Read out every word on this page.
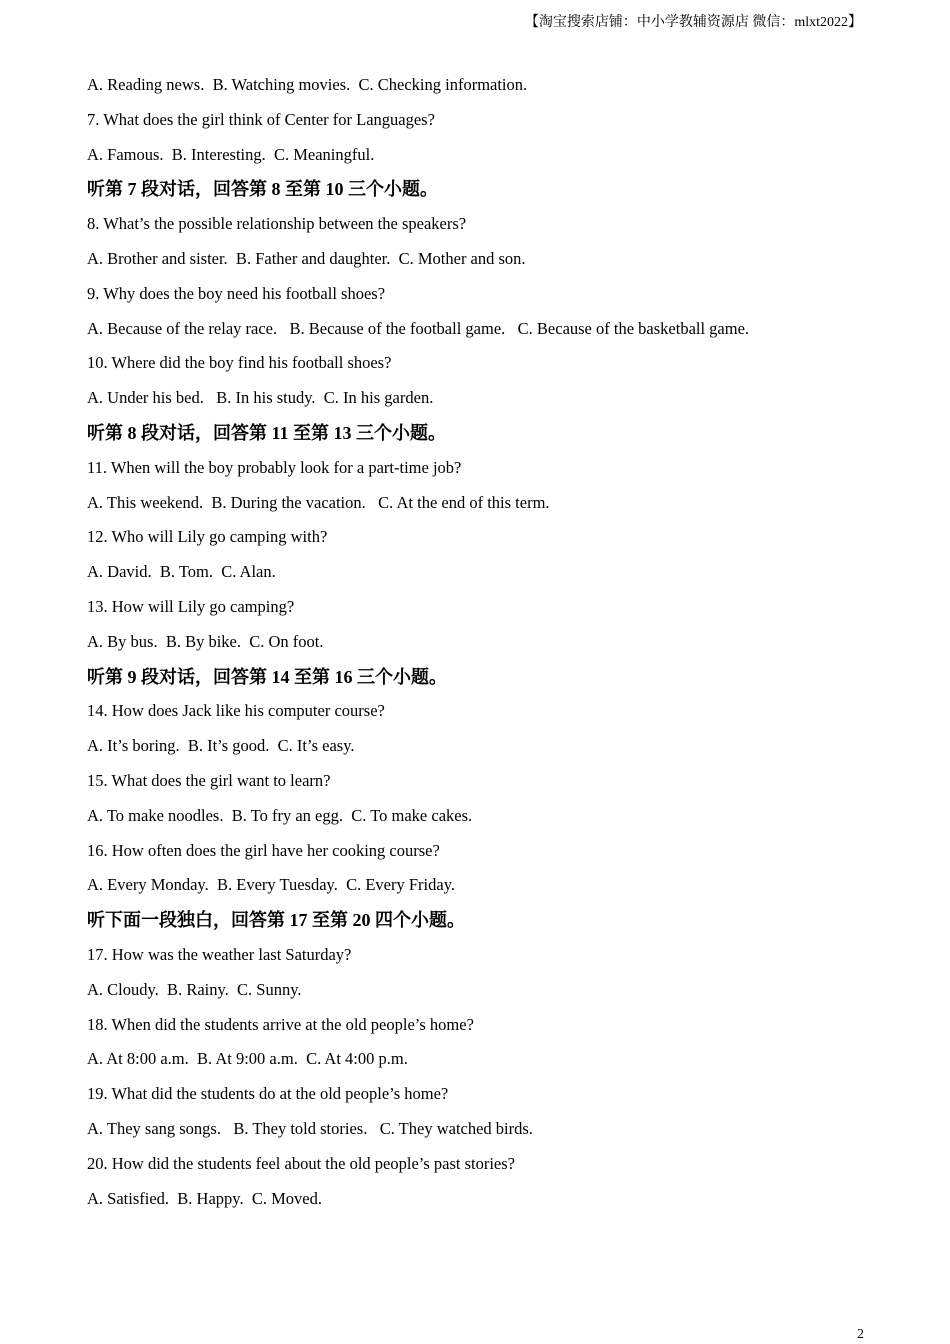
【淘宝搜索店铺：中小学教辅资源店 微信：mlxt2022】
A. Reading news.  B. Watching movies.  C. Checking information.
7. What does the girl think of Center for Languages?
A. Famous.  B. Interesting.  C. Meaningful.
听第 7 段对话，回答第 8 至第 10 三个小题。
8. What’s the possible relationship between the speakers?
A. Brother and sister.  B. Father and daughter.  C. Mother and son.
9. Why does the boy need his football shoes?
A. Because of the relay race.   B. Because of the football game.   C. Because of the basketball game.
10. Where did the boy find his football shoes?
A. Under his bed.   B. In his study.  C. In his garden.
听第 8 段对话，回答第 11 至第 13 三个小题。
11. When will the boy probably look for a part-time job?
A. This weekend.  B. During the vacation.   C. At the end of this term.
12. Who will Lily go camping with?
A. David.  B. Tom.  C. Alan.
13. How will Lily go camping?
A. By bus.  B. By bike.  C. On foot.
听第 9 段对话，回答第 14 至第 16 三个小题。
14. How does Jack like his computer course?
A. It’s boring.  B. It’s good.  C. It’s easy.
15. What does the girl want to learn?
A. To make noodles.  B. To fry an egg.  C. To make cakes.
16. How often does the girl have her cooking course?
A. Every Monday.  B. Every Tuesday.  C. Every Friday.
听下面一段独白，回答第 17 至第 20 四个小题。
17. How was the weather last Saturday?
A. Cloudy.  B. Rainy.  C. Sunny.
18. When did the students arrive at the old people’s home?
A. At 8:00 a.m.  B. At 9:00 a.m.  C. At 4:00 p.m.
19. What did the students do at the old people’s home?
A. They sang songs.   B. They told stories.   C. They watched birds.
20. How did the students feel about the old people’s past stories?
A. Satisfied.  B. Happy.  C. Moved.
2
